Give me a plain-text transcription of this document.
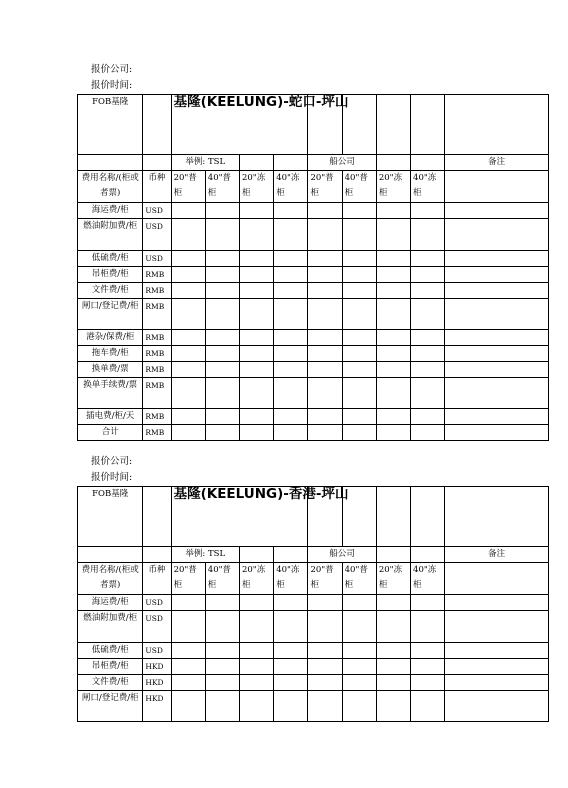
报价公司:
报价时间:
FOB基隆		基隆(KEELUNG)-蛇口-坪山								
		举例: TSL				船公司				备注
费用名称/(柜或者票)	币种	20"普柜	40"普柜	20"冻柜	40"冻柜	20"普柜	40"普柜	20"冻柜	40"冻柜	
海运费/柜	USD									
燃油附加费/柜	USD									
低硫费/柜	USD									
吊柜费/柜	RMB									
文件费/柜	RMB									
闸口/登记费/柜	RMB									
港杂/保费/柜	RMB									
拖车费/柜	RMB									
换单费/票	RMB									
换单手续费/票	RMB									
插电费/柜/天	RMB									
合计	RMB									
报价公司:
报价时间:
FOB基隆		基隆(KEELUNG)-香港-坪山								
		举例: TSL				船公司				备注
费用名称/(柜或者票)	币种	20"普柜	40"普柜	20"冻柜	40"冻柜	20"普柜	40"普柜	20"冻柜	40"冻柜	
海运费/柜	USD									
燃油附加费/柜	USD									
低硫费/柜	USD									
吊柜费/柜	HKD									
文件费/柜	HKD									
闸口/登记费/柜	HKD									
